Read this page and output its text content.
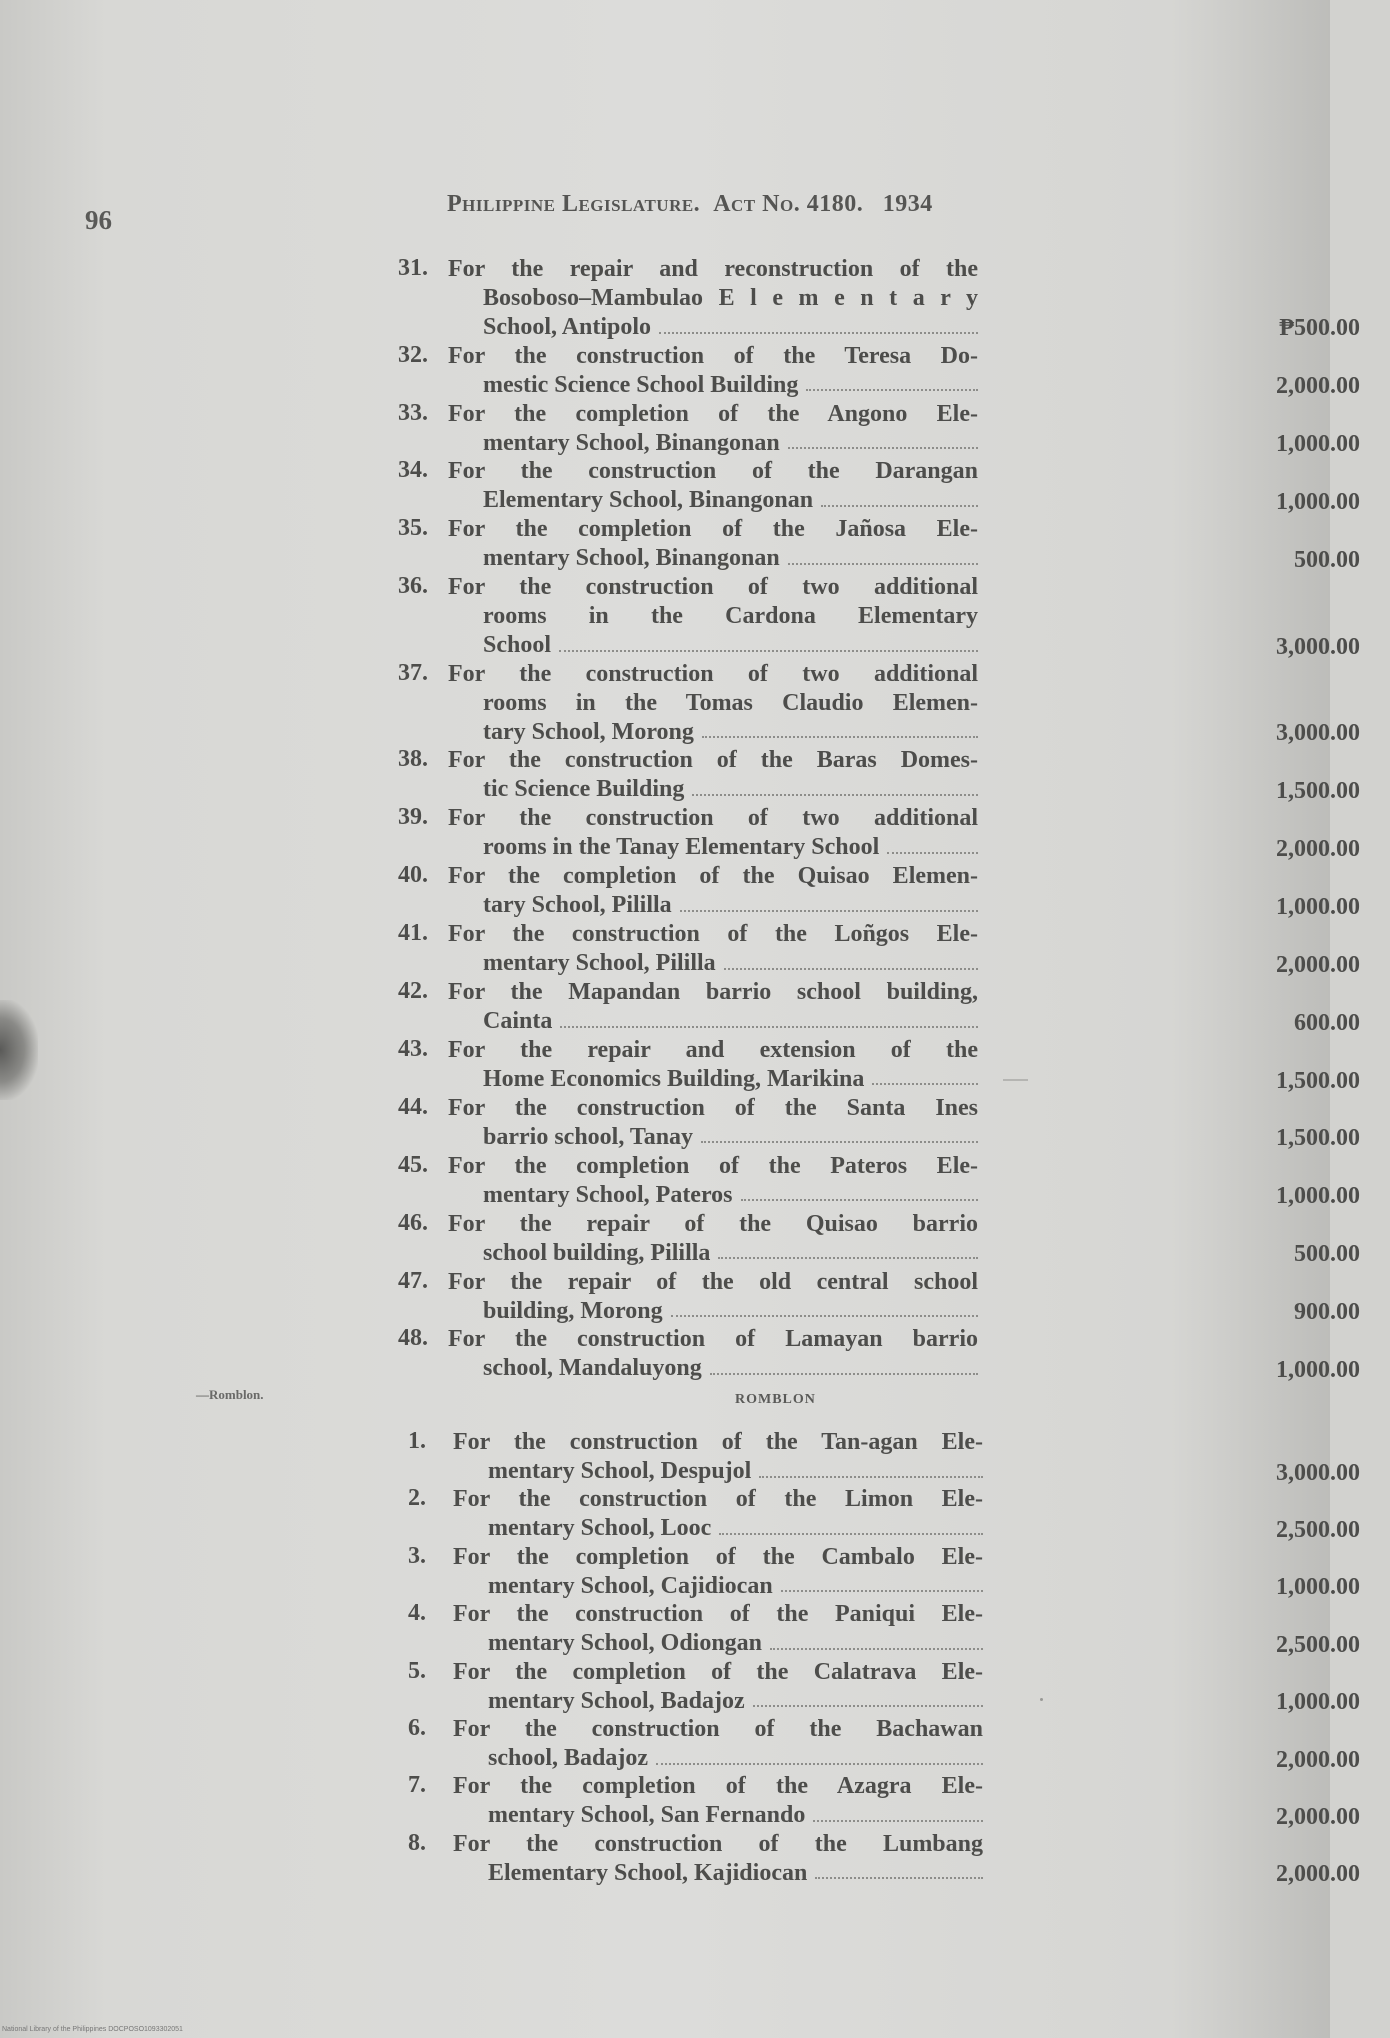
96
Philippine Legislature. Act No. 4180. 1934
31. For the repair and reconstruction of the
Bosoboso–Mambulao E l e m e n t a r y
School, Antipolo	₱500.00
32. For the construction of the Teresa Do-
mestic Science School Building	2,000.00
33. For the completion of the Angono Ele-
mentary School, Binangonan	1,000.00
34. For the construction of the Darangan
Elementary School, Binangonan	1,000.00
35. For the completion of the Jañosa Ele-
mentary School, Binangonan	500.00
36. For the construction of two additional
rooms in the Cardona Elementary
School	3,000.00
37. For the construction of two additional
rooms in the Tomas Claudio Elemen-
tary School, Morong	3,000.00
38. For the construction of the Baras Domes-
tic Science Building	1,500.00
39. For the construction of two additional
rooms in the Tanay Elementary School	2,000.00
40. For the completion of the Quisao Elemen-
tary School, Pililla	1,000.00
41. For the construction of the Loñgos Ele-
mentary School, Pililla	2,000.00
42. For the Mapandan barrio school building,
Cainta	600.00
43. For the repair and extension of the
Home Economics Building, Marikina	1,500.00
44. For the construction of the Santa Ines
barrio school, Tanay	1,500.00
45. For the completion of the Pateros Ele-
mentary School, Pateros	1,000.00
46. For the repair of the Quisao barrio
school building, Pililla	500.00
47. For the repair of the old central school
building, Morong	900.00
48. For the construction of Lamayan barrio
school, Mandaluyong	1,000.00
—Romblon.	ROMBLON
1. For the construction of the Tan-agan Ele-
mentary School, Despujol	3,000.00
2. For the construction of the Limon Ele-
mentary School, Looc	2,500.00
3. For the completion of the Cambalo Ele-
mentary School, Cajidiocan	1,000.00
4. For the construction of the Paniqui Ele-
mentary School, Odiongan	2,500.00
5. For the completion of the Calatrava Ele-
mentary School, Badajoz	1,000.00
6. For the construction of the Bachawan
school, Badajoz	2,000.00
7. For the completion of the Azagra Ele-
mentary School, San Fernando	2,000.00
8. For the construction of the Lumbang
Elementary School, Kajidiocan	2,000.00
National Library of the Philippines DOCPOSO1093302051
